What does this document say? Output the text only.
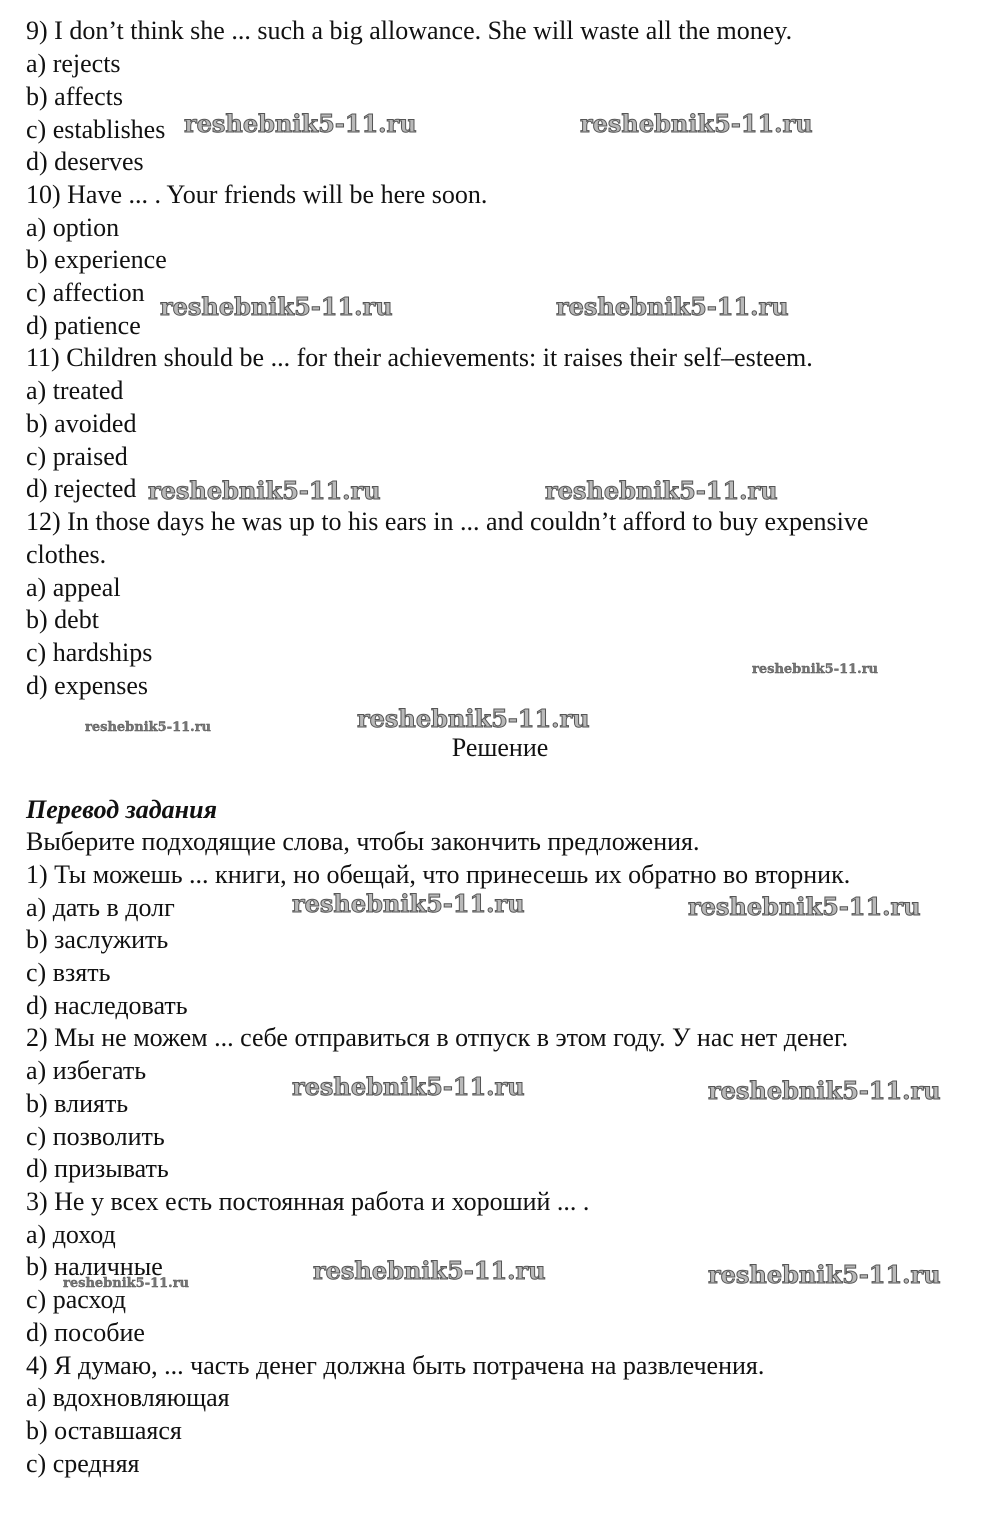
9) I don’t think she ... such a big allowance. She will waste all the money.
a) rejects
b) affects
c) establishes
d) deserves
10) Have ... . Your friends will be here soon.
a) option
b) experience
c) affection
d) patience
11) Children should be ... for their achievements: it raises their self–esteem.
a) treated
b) avoided
c) praised
d) rejected
12) In those days he was up to his ears in ... and couldn’t afford to buy expensive
clothes.
a) appeal
b) debt
c) hardships
d) expenses
Решение
Перевод задания
Выберите подходящие слова, чтобы закончить предложения.
1) Ты можешь ... книги, но обещай, что принесешь их обратно во вторник.
a) дать в долг
b) заслужить
c) взять
d) наследовать
2) Мы не можем ... себе отправиться в отпуск в этом году. У нас нет денег.
a) избегать
b) влиять
c) позволить
d) призывать
3) Не у всех есть постоянная работа и хороший ... .
a) доход
b) наличные
c) расход
d) пособие
4) Я думаю, ... часть денег должна быть потрачена на развлечения.
a) вдохновляющая
b) оставшаяся
c) средняя
reshebnik5-11.ru	reshebnik5-11.ru
reshebnik5-11.ru	reshebnik5-11.ru
reshebnik5-11.ru	reshebnik5-11.ru
reshebnik5-11.ru
reshebnik5-11.ru	reshebnik5-11.ru
reshebnik5-11.ru	reshebnik5-11.ru
reshebnik5-11.ru	reshebnik5-11.ru
reshebnik5-11.ru	reshebnik5-11.ru
reshebnik5-11.ru
